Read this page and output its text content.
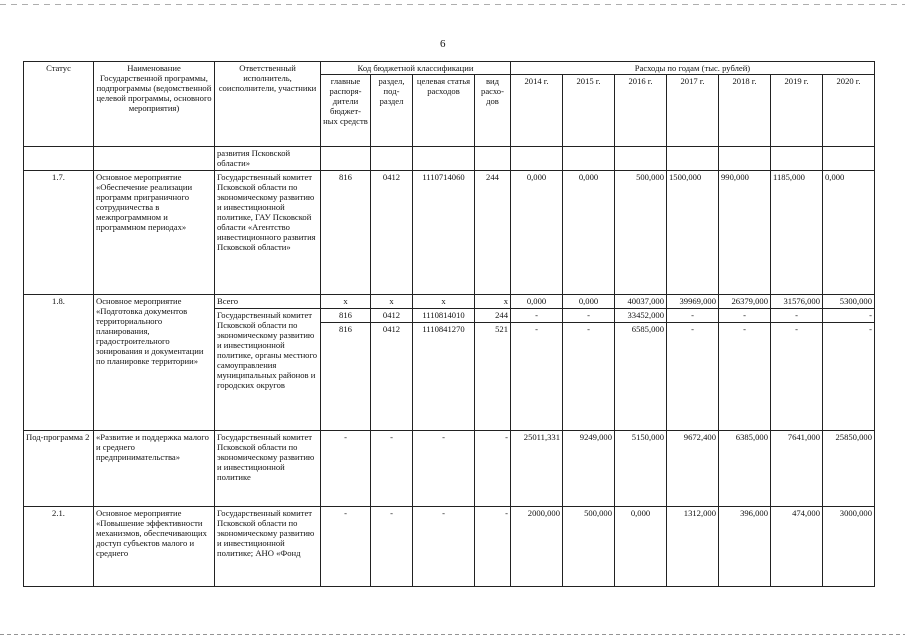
6
Статус	Наименование Государственной программы, подпрограммы (ведомственной целевой программы, основного мероприятия)	Ответственный исполнитель, соисполнители, участники	Код бюджетной классификации				Расходы по годам (тыс. рублей)						
			главные распоря-дители бюджет-ных средств	раздел, под-раздел	целевая статья расходов	вид расхо-дов	2014 г.	2015 г.	2016 г.	2017 г.	2018 г.	2019 г.	2020 г.
		развития Псковской области»											
1.7.	Основное мероприятие «Обеспечение реализации программ приграничного сотрудничества в межпрограммном и программном периодах»	Государственный комитет Псковской области по экономическому развитию и инвестиционной политике, ГАУ Псковской области «Агентство инвестиционного развития Псковской области»	816	0412	1110714060	244	0,000	0,000	500,000	1500,000	990,000	1185,000	0,000
1.8.	Основное мероприятие «Подготовка документов территориального планирования, градостроительного зонирования и документации по планировке территории»	Всего	x	x	x	x	0,000	0,000	40037,000	39969,000	26379,000	31576,000	5300,000
		Государственный комитет Псковской области по экономическому развитию и инвестиционной политике, органы местного самоуправления муниципальных районов и городских округов	816	0412	1110814010	244	-	-	33452,000	-	-	-	-
			816	0412	1110841270	521	-	-	6585,000	-	-	-	-
Под-программа 2	«Развитие и поддержка малого и среднего предпринимательства»	Государственный комитет Псковской области по экономическому развитию и инвестиционной политике	-	-	-	-	25011,331	9249,000	5150,000	9672,400	6385,000	7641,000	25850,000
2.1.	Основное мероприятие «Повышение эффективности механизмов, обеспечивающих доступ субъектов малого и среднего	Государственный комитет Псковской области по экономическому развитию и инвестиционной политике; АНО «Фонд	-	-	-	-	2000,000	500,000	0,000	1312,000	396,000	474,000	3000,000
